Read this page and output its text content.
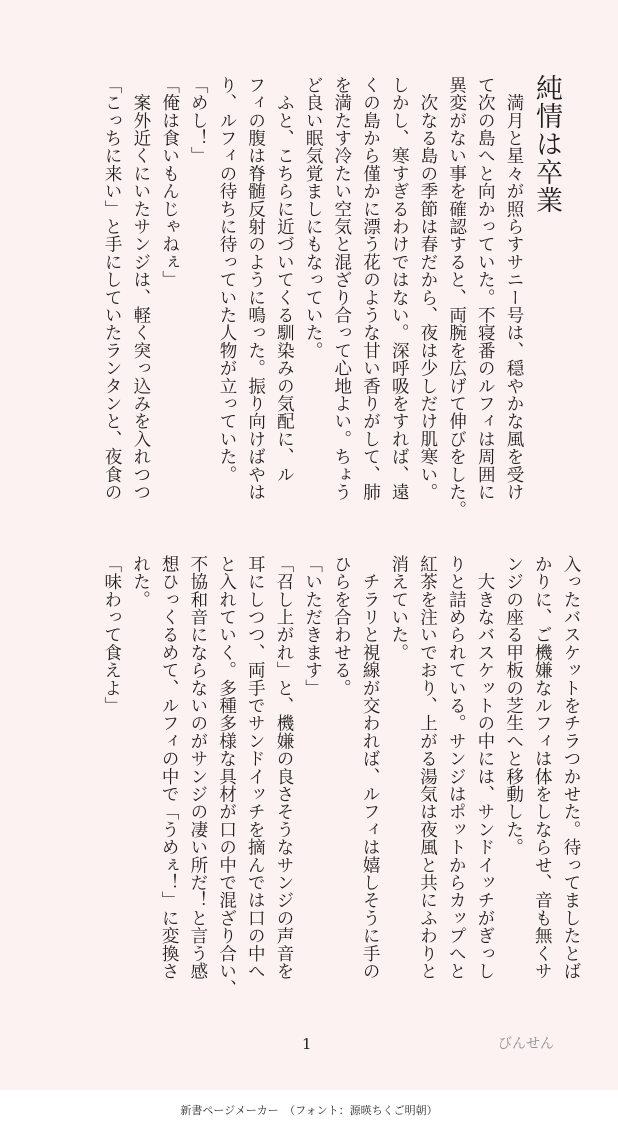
純情は卒業
　満月と星々が照らすサニー号は、穏やかな風を受け
て次の島へと向かっていた。不寝番のルフィは周囲に
異変がない事を確認すると、両腕を広げて伸びをした。
　次なる島の季節は春だから、夜は少しだけ肌寒い。
しかし、寒すぎるわけではない。深呼吸をすれば、遠
くの島から僅かに漂う花のような甘い香りがして、肺
を満たす冷たい空気と混ざり合って心地よい。ちょう
ど良い眠気覚ましにもなっていた。
　ふと、こちらに近づいてくる馴染みの気配に、ル
フィの腹は脊髄反射のように鳴った。振り向けばやは
り、ルフィの待ちに待っていた人物が立っていた。
「めし！」
「俺は食いもんじゃねぇ」
　案外近くにいたサンジは、軽く突っ込みを入れつつ
「こっちに来い」と手にしていたランタンと、夜食の
入ったバスケットをチラつかせた。待ってましたとば
かりに、ご機嫌なルフィは体をしならせ、音も無くサ
ンジの座る甲板の芝生へと移動した。
　大きなバスケットの中には、サンドイッチがぎっし
りと詰められている。サンジはポットからカップへと
紅茶を注いでおり、上がる湯気は夜風と共にふわりと
消えていた。
　チラリと視線が交われば、ルフィは嬉しそうに手の
ひらを合わせる。
「いただきます」
「召し上がれ」と、機嫌の良さそうなサンジの声音を
耳にしつつ、両手でサンドイッチを摘んでは口の中へ
と入れていく。多種多様な具材が口の中で混ざり合い、
不協和音にならないのがサンジの凄い所だ！と言う感
想ひっくるめて、ルフィの中で「うめぇ！」に変換さ
れた。
「味わって食えよ」
1	びんせん
新書ページメーカー　（フォント：源暎ちくご明朝）
